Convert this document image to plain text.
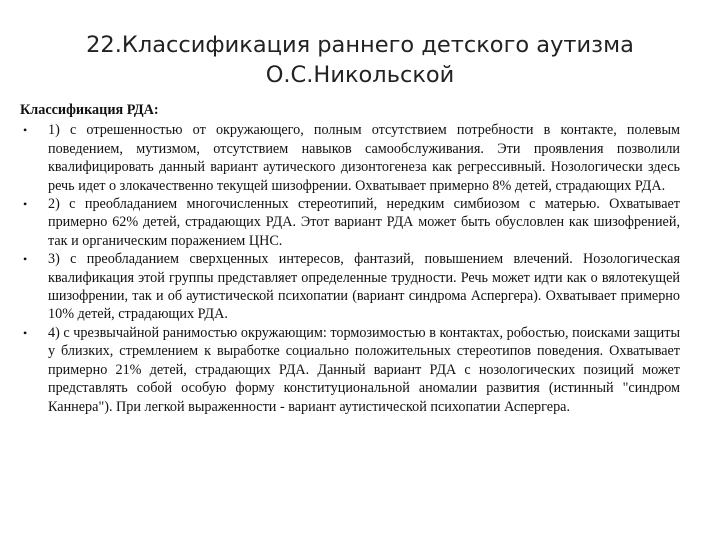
22.Классификация раннего детского аутизма
О.С.Никольской

Классификация РДА:

• 1) с отрешенностью от окружающего, полным отсутствием потребности в контакте, полевым поведением, мутизмом, отсутствием навыков самообслуживания. Эти проявления позволили квалифицировать данный вариант аутического дизонтогенеза как регрессивный. Нозологически здесь речь идет о злокачественно текущей шизофрении. Охватывает примерно 8% детей, страдающих РДА.
• 2) с преобладанием многочисленных стереотипий, нередким симбиозом с матерью. Охватывает примерно 62% детей, страдающих РДА. Этот вариант РДА может быть обусловлен как шизофренией, так и органическим поражением ЦНС.
• 3) с преобладанием сверхценных интересов, фантазий, повышением влечений. Нозологическая квалификация этой группы представляет определенные трудности. Речь может идти как о вялотекущей шизофрении, так и об аутистической психопатии (вариант синдрома Аспергера). Охватывает примерно 10% детей, страдающих РДА.
• 4) с чрезвычайной ранимостью окружающим: тормозимостью в контактах, робостью, поисками защиты у близких, стремлением к выработке социально положительных стереотипов поведения. Охватывает примерно 21% детей, страдающих РДА. Данный вариант РДА с нозологических позиций может представлять собой особую форму конституциональной аномалии развития (истинный "синдром Каннера"). При легкой выраженности - вариант аутистической психопатии Аспергера.
